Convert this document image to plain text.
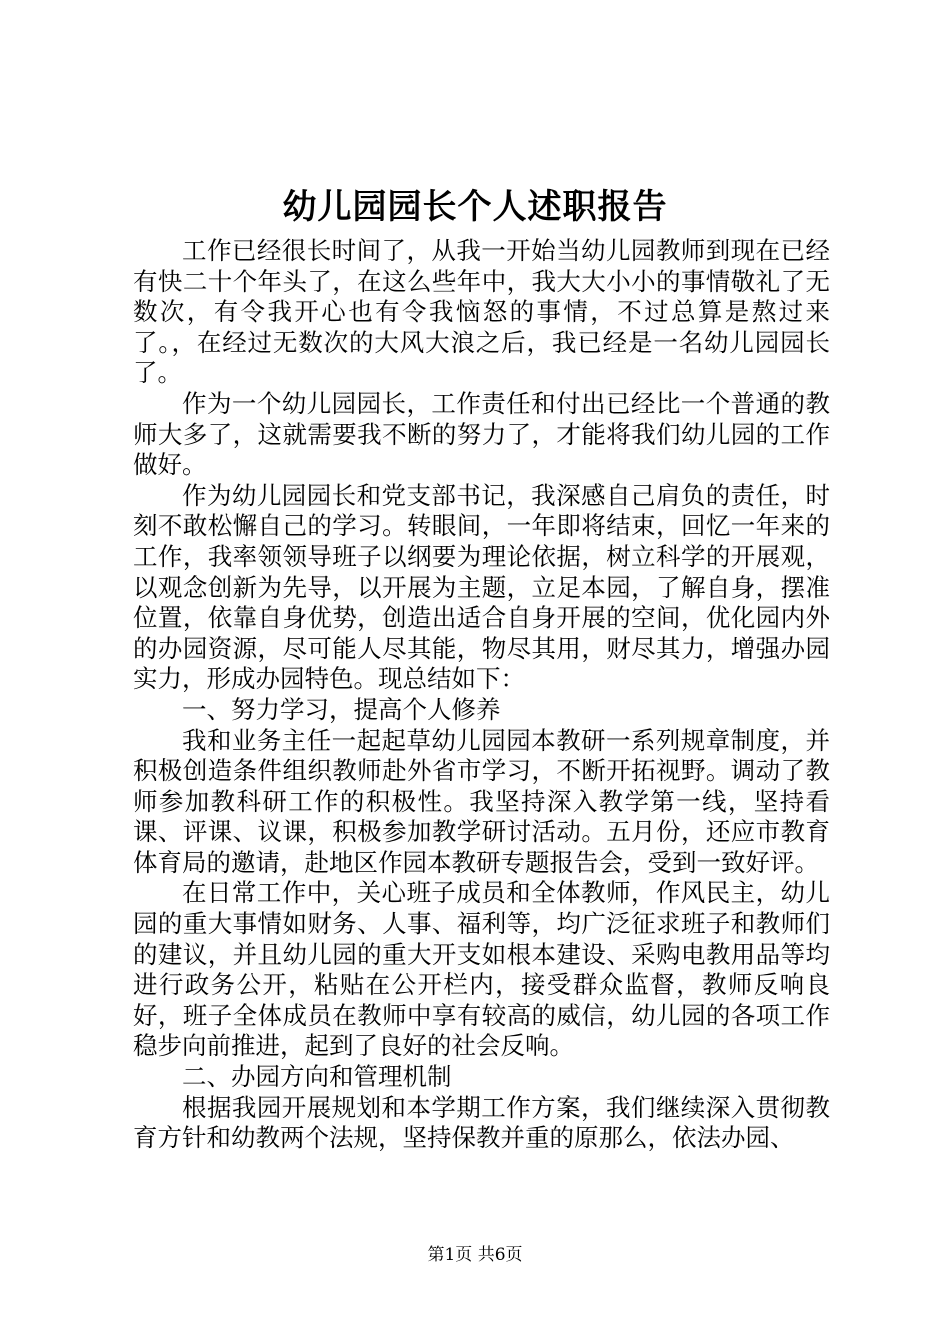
幼儿园园长个人述职报告

工作已经很长时间了，从我一开始当幼儿园教师到现在已经有快二十个年头了，在这么些年中，我大大小小的事情敬礼了无数次，有令我开心也有令我恼怒的事情，不过总算是熬过来了。，在经过无数次的大风大浪之后，我已经是一名幼儿园园长了。

作为一个幼儿园园长，工作责任和付出已经比一个普通的教师大多了，这就需要我不断的努力了，才能将我们幼儿园的工作做好。

作为幼儿园园长和党支部书记，我深感自己肩负的责任，时刻不敢松懈自己的学习。转眼间，一年即将结束，回忆一年来的工作，我率领领导班子以纲要为理论依据，树立科学的开展观，以观念创新为先导，以开展为主题，立足本园，了解自身，摆准位置，依靠自身优势，创造出适合自身开展的空间，优化园内外的办园资源，尽可能人尽其能，物尽其用，财尽其力，增强办园实力，形成办园特色。现总结如下：

一、努力学习，提高个人修养

我和业务主任一起起草幼儿园园本教研一系列规章制度，并积极创造条件组织教师赴外省市学习，不断开拓视野。调动了教师参加教科研工作的积极性。我坚持深入教学第一线，坚持看课、评课、议课，积极参加教学研讨活动。五月份，还应市教育体育局的邀请，赴地区作园本教研专题报告会，受到一致好评。

在日常工作中，关心班子成员和全体教师，作风民主，幼儿园的重大事情如财务、人事、福利等，均广泛征求班子和教师们的建议，并且幼儿园的重大开支如根本建设、采购电教用品等均进行政务公开，粘贴在公开栏内，接受群众监督，教师反响良好，班子全体成员在教师中享有较高的威信，幼儿园的各项工作稳步向前推进，起到了良好的社会反响。

二、办园方向和管理机制

根据我园开展规划和本学期工作方案，我们继续深入贯彻教育方针和幼教两个法规，坚持保教并重的原那么，依法办园、

第1页 共6页
